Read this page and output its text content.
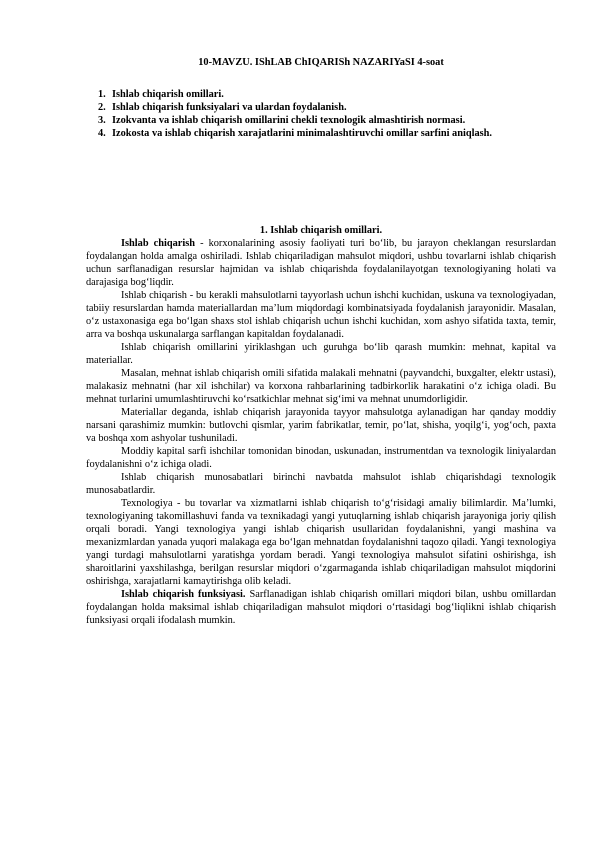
10-MAVZU. IShLAB ChIQARISh NAZARIYaSI 4-soat
1. Ishlab chiqarish omillari.
2. Ishlab chiqarish funksiyalari va ulardan foydalanish.
3. Izokvanta va ishlab chiqarish omillarini chekli texnologik almashtirish normasi.
4. Izokosta va ishlab chiqarish xarajatlarini minimalashtiruvchi omillar sarfini aniqlash.
1. Ishlab chiqarish omillari.

Ishlab chiqarish - korxonalarining asosiy faoliyati turi bo‘lib, bu jarayon cheklangan resurslardan foydalangan holda amalga oshiriladi. Ishlab chiqariladigan mahsulot miqdori, ushbu tovarlarni ishlab chiqarish uchun sarflanadigan resurslar hajmidan va ishlab chiqarishda foydalanilayotgan texnologiyaning holati va darajasiga bog‘liqdir.

Ishlab chiqarish - bu kerakli mahsulotlarni tayyorlash uchun ishchi kuchidan, uskuna va texnologiyadan, tabiiy resurslardan hamda materiallardan ma’lum miqdordagi kombinatsiyada foydalanish jarayonidir. Masalan, o‘z ustaxonasiga ega bo‘lgan shaxs stol ishlab chiqarish uchun ishchi kuchidan, xom ashyo sifatida taxta, temir, arra va boshqa uskunalarga sarflangan kapitaldan foydalanadi.

Ishlab chiqarish omillarini yiriklashgan uch guruhga bo‘lib qarash mumkin: mehnat, kapital va materiallar.

Masalan, mehnat ishlab chiqarish omili sifatida malakali mehnatni (payvandchi, buxgalter, elektr ustasi), malakasiz mehnatni (har xil ishchilar) va korxona rahbarlarining tadbirkorlik harakatini o‘z ichiga oladi. Bu mehnat turlarini umumlashtiruvchi ko‘rsatkichlar mehnat sig‘imi va mehnat unumdorligidir.

Materiallar deganda, ishlab chiqarish jarayonida tayyor mahsulotga aylanadigan har qanday moddiy narsani qarashimiz mumkin: butlovchi qismlar, yarim fabrikatlar, temir, po‘lat, shisha, yoqilg‘i, yog‘och, paxta va boshqa xom ashyolar tushuniladi.

Moddiy kapital sarfi ishchilar tomonidan binodan, uskunadan, instrumentdan va texnologik liniyalardan foydalanishni o‘z ichiga oladi.

Ishlab chiqarish munosabatlari birinchi navbatda mahsulot ishlab chiqarishdagi texnologik munosabatlardir.

Texnologiya - bu tovarlar va xizmatlarni ishlab chiqarish to‘g‘risidagi amaliy bilimlardir. Ma’lumki, texnologiyaning takomillashuvi fanda va texnikadagi yangi yutuqlarning ishlab chiqarish jarayoniga joriy qilish orqali boradi. Yangi texnologiya yangi ishlab chiqarish usullaridan foydalanishni, yangi mashina va mexanizmlardan yanada yuqori malakaga ega bo‘lgan mehnatdan foydalanishni taqozo qiladi. Yangi texnologiya yangi turdagi mahsulotlarni yaratishga yordam beradi. Yangi texnologiya mahsulot sifatini oshirishga, ish sharoitlarini yaxshilashga, berilgan resurslar miqdori o‘zgarmaganda ishlab chiqariladigan mahsulot miqdorini oshirishga, xarajatlarni kamaytirishga olib keladi.

Ishlab chiqarish funksiyasi. Sarflanadigan ishlab chiqarish omillari miqdori bilan, ushbu omillardan foydalangan holda maksimal ishlab chiqariladigan mahsulot miqdori o‘rtasidagi bog‘liqlikni ishlab chiqarish funksiyasi orqali ifodalash mumkin.
